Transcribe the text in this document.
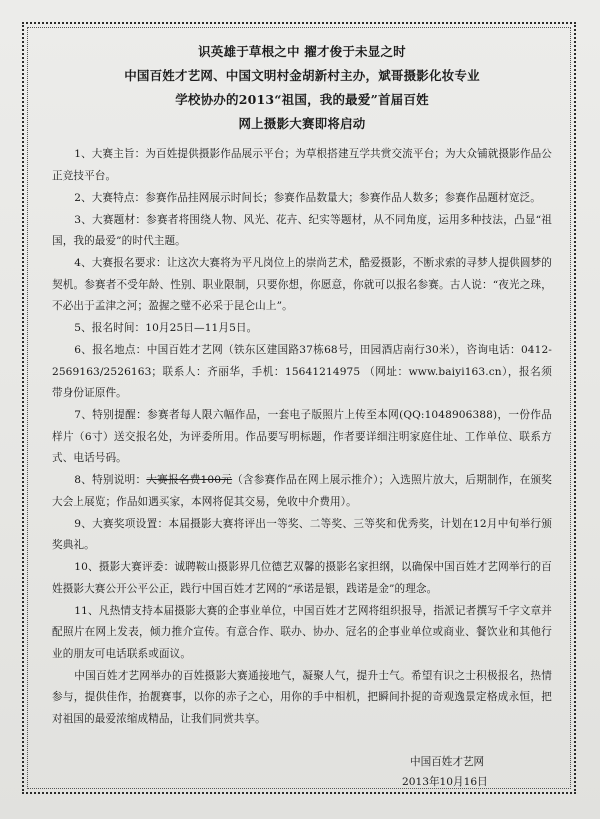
识英雄于草根之中 擢才俊于未显之时

中国百姓才艺网、中国文明村金胡新村主办，斌哥摄影化妆专业

学校协办的2013“祖国，我的最爱”首届百姓

网上摄影大赛即将启动

1、大赛主旨：为百姓提供摄影作品展示平台；为草根搭建互学共赏交流平台；为大众铺就摄影作品公正竞技平台。

2、大赛特点：参赛作品挂网展示时间长；参赛作品数量大；参赛作品人数多；参赛作品题材宽泛。

3、大赛题材：参赛者将围绕人物、风光、花卉、纪实等题材，从不同角度，运用多种技法，凸显“祖国，我的最爱”的时代主题。

4、大赛报名要求：让这次大赛将为平凡岗位上的崇尚艺术，酷爱摄影，不断求索的寻梦人提供圆梦的契机。参赛者不受年龄、性别、职业限制，只要你想，你愿意，你就可以报名参赛。古人说：“夜光之珠，不必出于孟津之河；盈握之璧不必采于昆仑山上”。

5、报名时间：10月25日—11月5日。

6、报名地点：中国百姓才艺网（铁东区建国路37栋68号，田园酒店南行30米），咨询电话：0412-2569163/2526163；联系人：齐丽华，手机：15641214975 （网址：www.baiyi163.cn），报名须带身份证原件。

7、特别提醒：参赛者每人限六幅作品，一套电子版照片上传至本网(QQ:1048906388)，一份作品样片（6寸）送交报名处，为评委所用。作品要写明标题，作者要详细注明家庭住址、工作单位、联系方式、电话号码。

8、特别说明：大赛报名费100元（含参赛作品在网上展示推介）；入选照片放大，后期制作，在颁奖大会上展览；作品如遇买家，本网将促其交易，免收中介费用）。

9、大赛奖项设置：本届摄影大赛将评出一等奖、二等奖、三等奖和优秀奖，计划在12月中旬举行颁奖典礼。

10、摄影大赛评委：诚聘鞍山摄影界几位德艺双馨的摄影名家担纲，以确保中国百姓才艺网举行的百姓摄影大赛公开公平公正，践行中国百姓才艺网的“承诺是银，践诺是金”的理念。

11、凡热情支持本届摄影大赛的企事业单位，中国百姓才艺网将组织报导，指派记者撰写千字文章并配照片在网上发表，倾力推介宣传。有意合作、联办、协办、冠名的企事业单位或商业、餐饮业和其他行业的朋友可电话联系或面议。

中国百姓才艺网举办的百姓摄影大赛通接地气，凝聚人气，提升士气。希望有识之士积极报名，热情参与，提供佳作，抬靓赛事，以你的赤子之心，用你的手中相机，把瞬间扑捉的奇观逸景定格成永恒，把对祖国的最爱浓缩成精品，让我们同赏共享。

中国百姓才艺网
2013年10月16日
